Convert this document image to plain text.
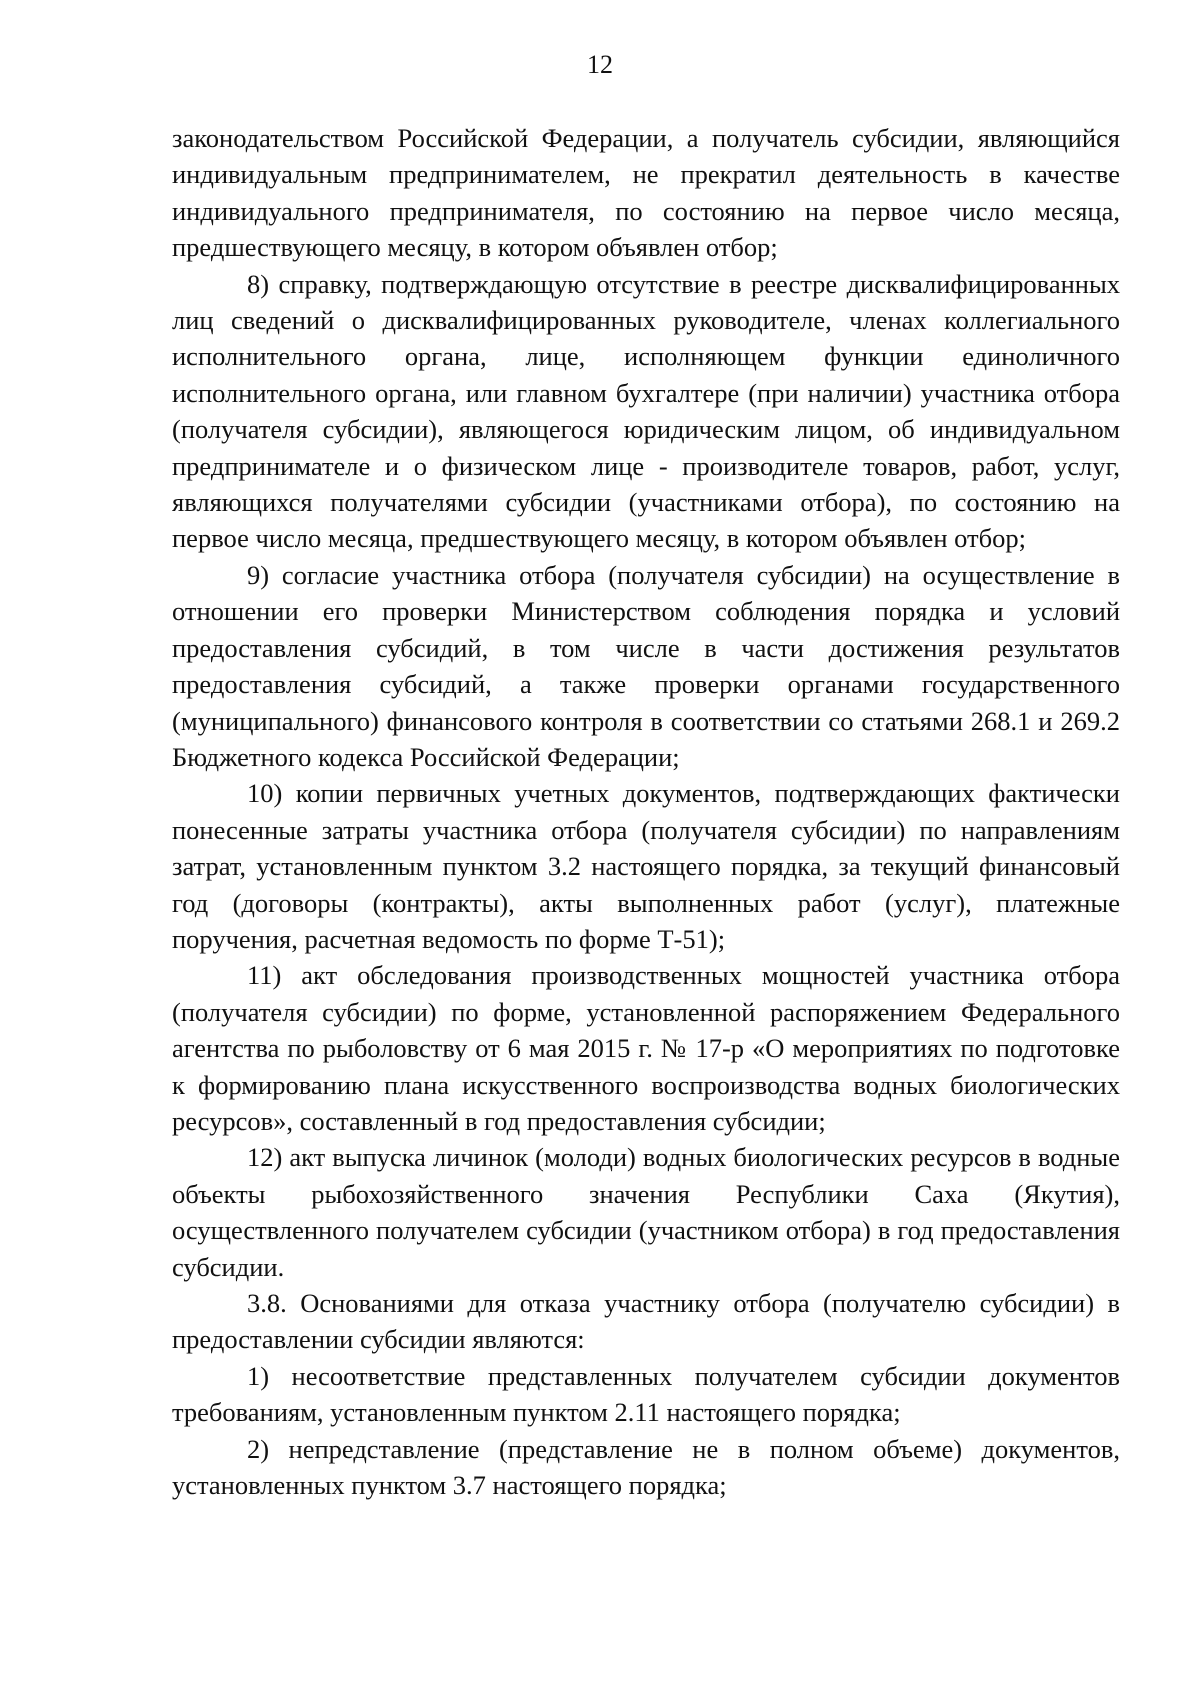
12

законодательством Российской Федерации, а получатель субсидии, являющийся индивидуальным предпринимателем, не прекратил деятельность в качестве индивидуального предпринимателя, по состоянию на первое число месяца, предшествующего месяцу, в котором объявлен отбор;

8) справку, подтверждающую отсутствие в реестре дисквалифицированных лиц сведений о дисквалифицированных руководителе, членах коллегиального исполнительного органа, лице, исполняющем функции единоличного исполнительного органа, или главном бухгалтере (при наличии) участника отбора (получателя субсидии), являющегося юридическим лицом, об индивидуальном предпринимателе и о физическом лице - производителе товаров, работ, услуг, являющихся получателями субсидии (участниками отбора), по состоянию на первое число месяца, предшествующего месяцу, в котором объявлен отбор;

9) согласие участника отбора (получателя субсидии) на осуществление в отношении его проверки Министерством соблюдения порядка и условий предоставления субсидий, в том числе в части достижения результатов предоставления субсидий, а также проверки органами государственного (муниципального) финансового контроля в соответствии со статьями 268.1 и 269.2 Бюджетного кодекса Российской Федерации;

10) копии первичных учетных документов, подтверждающих фактически понесенные затраты участника отбора (получателя субсидии) по направлениям затрат, установленным пунктом 3.2 настоящего порядка, за текущий финансовый год (договоры (контракты), акты выполненных работ (услуг), платежные поручения, расчетная ведомость по форме Т-51);

11) акт обследования производственных мощностей участника отбора (получателя субсидии) по форме, установленной распоряжением Федерального агентства по рыболовству от 6 мая 2015 г. № 17-р «О мероприятиях по подготовке к формированию плана искусственного воспроизводства водных биологических ресурсов», составленный в год предоставления субсидии;

12) акт выпуска личинок (молоди) водных биологических ресурсов в водные объекты рыбохозяйственного значения Республики Саха (Якутия), осуществленного получателем субсидии (участником отбора) в год предоставления субсидии.

3.8. Основаниями для отказа участнику отбора (получателю субсидии) в предоставлении субсидии являются:

1) несоответствие представленных получателем субсидии документов требованиям, установленным пунктом 2.11 настоящего порядка;

2) непредставление (представление не в полном объеме) документов, установленных пунктом 3.7 настоящего порядка;
